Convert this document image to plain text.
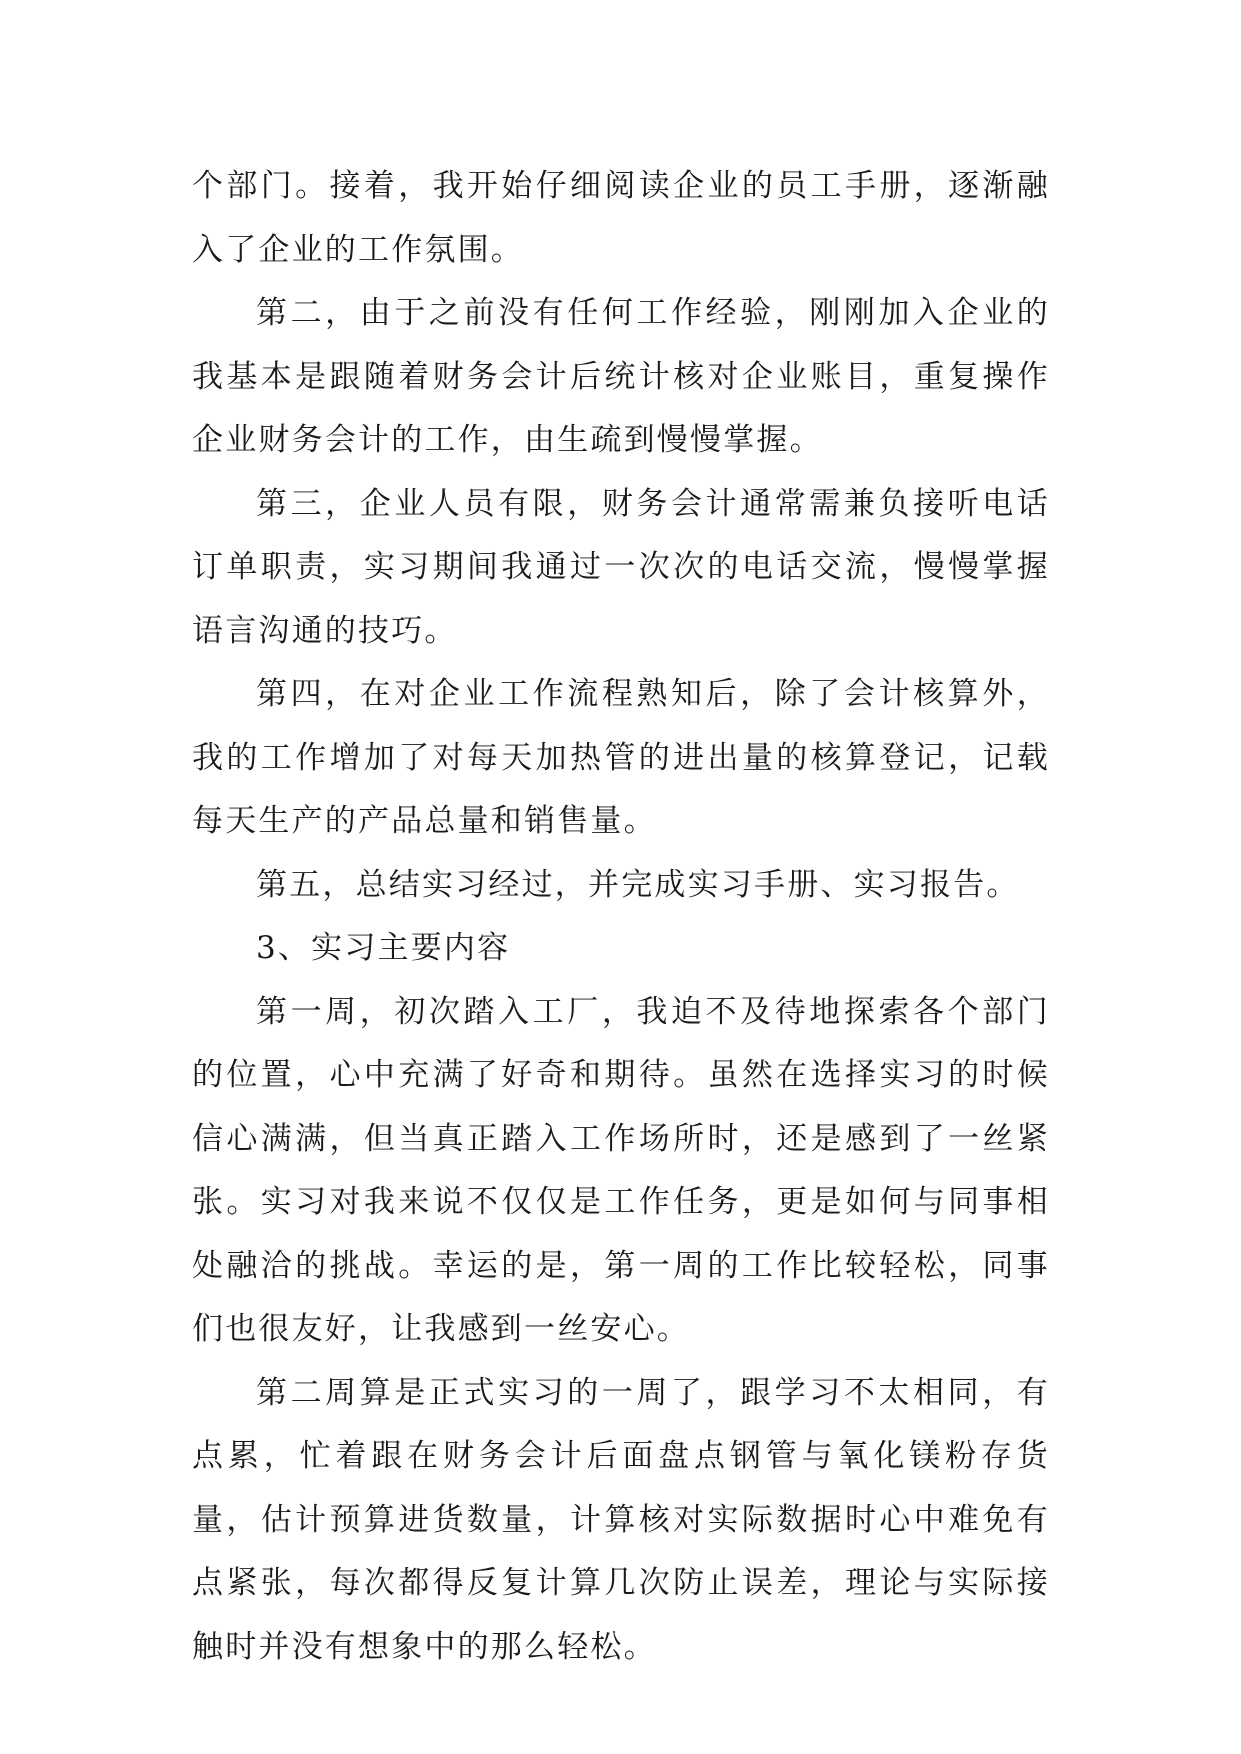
个部门。接着，我开始仔细阅读企业的员工手册，逐渐融入了企业的工作氛围。

第二，由于之前没有任何工作经验，刚刚加入企业的我基本是跟随着财务会计后统计核对企业账目，重复操作企业财务会计的工作，由生疏到慢慢掌握。

第三，企业人员有限，财务会计通常需兼负接听电话订单职责，实习期间我通过一次次的电话交流，慢慢掌握语言沟通的技巧。

第四，在对企业工作流程熟知后，除了会计核算外，我的工作增加了对每天加热管的进出量的核算登记，记载每天生产的产品总量和销售量。

第五，总结实习经过，并完成实习手册、实习报告。

3、实习主要内容

第一周，初次踏入工厂，我迫不及待地探索各个部门的位置，心中充满了好奇和期待。虽然在选择实习的时候信心满满，但当真正踏入工作场所时，还是感到了一丝紧张。实习对我来说不仅仅是工作任务，更是如何与同事相处融洽的挑战。幸运的是，第一周的工作比较轻松，同事们也很友好，让我感到一丝安心。

第二周算是正式实习的一周了，跟学习不太相同，有点累，忙着跟在财务会计后面盘点钢管与氧化镁粉存货量，估计预算进货数量，计算核对实际数据时心中难免有点紧张，每次都得反复计算几次防止误差，理论与实际接触时并没有想象中的那么轻松。
